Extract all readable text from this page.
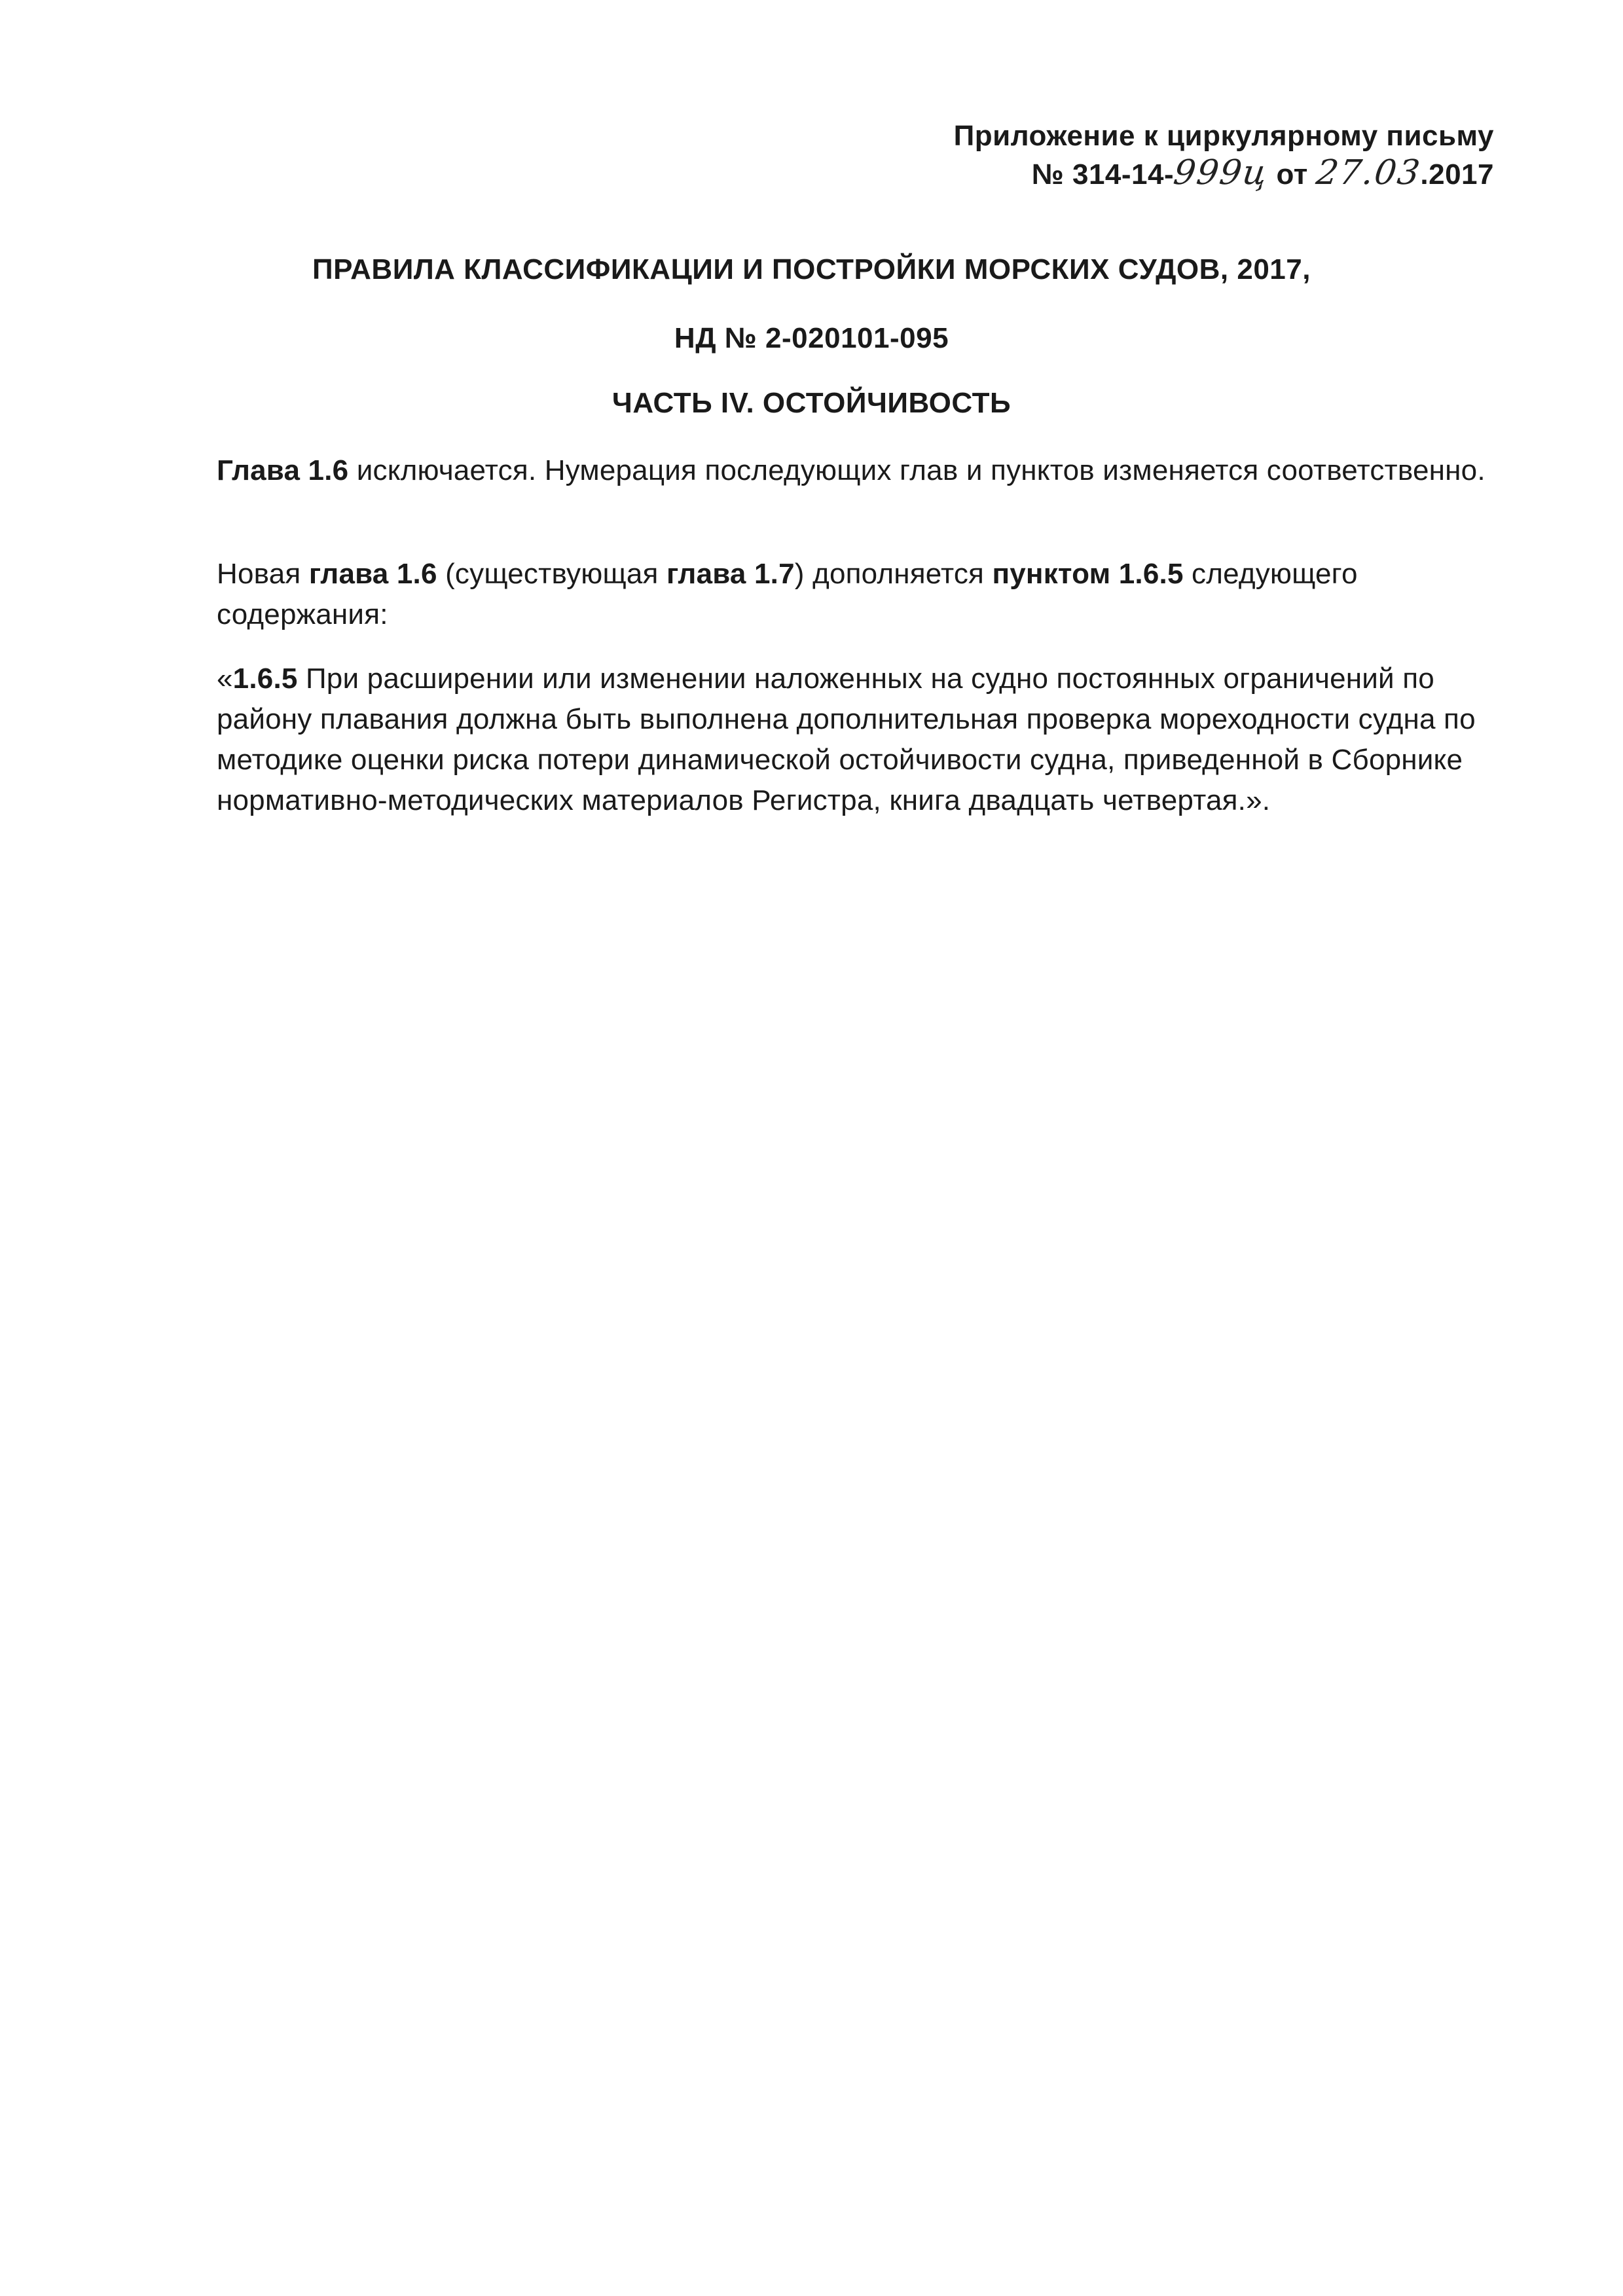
Приложение к циркулярному письму
№ 314-14-999ц от 27.03.2017
ПРАВИЛА КЛАССИФИКАЦИИ И ПОСТРОЙКИ МОРСКИХ СУДОВ, 2017,
НД № 2-020101-095
ЧАСТЬ IV. ОСТОЙЧИВОСТЬ

Глава 1.6 исключается. Нумерация последующих глав и пунктов изменяется соответственно.

Новая глава 1.6 (существующая глава 1.7) дополняется пунктом 1.6.5 следующего содержания:

«1.6.5 При расширении или изменении наложенных на судно постоянных ограничений по району плавания должна быть выполнена дополнительная проверка мореходности судна по методике оценки риска потери динамической остойчивости судна, приведенной в Сборнике нормативно-методических материалов Регистра, книга двадцать четвертая.».
